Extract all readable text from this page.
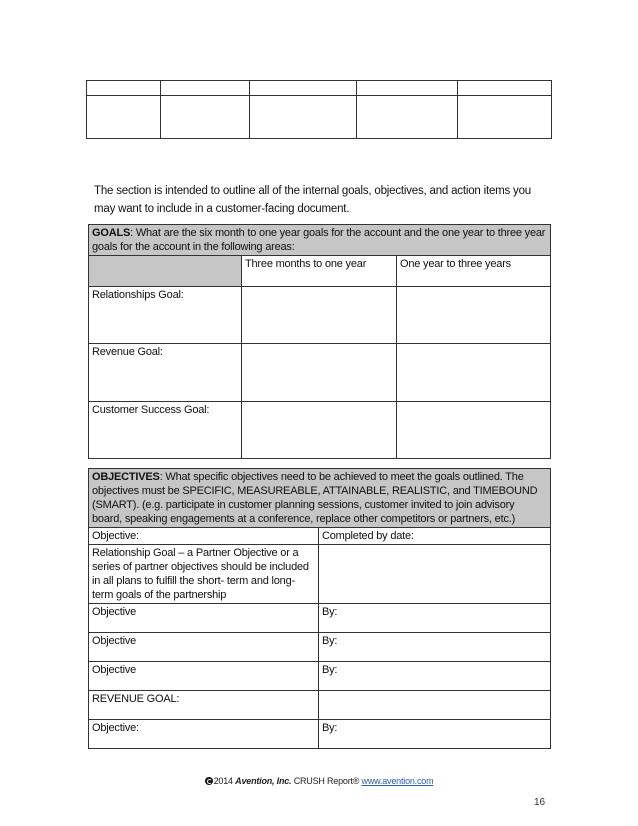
The section is intended to outline all of the internal goals, objectives, and action items you may want to include in a customer-facing document.
GOALS: What are the six month to one year goals for the account and the one year to three year goals for the account in the following areas:		
	Three months to one year	One year to three years
Relationships Goal:		
Revenue Goal:		
Customer Success Goal:		
OBJECTIVES: What specific objectives need to be achieved to meet the goals outlined. The objectives must be SPECIFIC, MEASUREABLE, ATTAINABLE, REALISTIC, and TIMEBOUND (SMART). (e.g. participate in customer planning sessions, customer invited to join advisory board, speaking engagements at a conference, replace other competitors or partners, etc.)	
Objective:	Completed by date:
Relationship Goal – a Partner Objective or a series of partner objectives should be included in all plans to fulfill the short- term and long- term goals of the partnership	
Objective	By:
Objective	By:
Objective	By:
REVENUE GOAL:	
Objective:	By:
2014 Avention, Inc. CRUSH Report® www.avention.com
16
